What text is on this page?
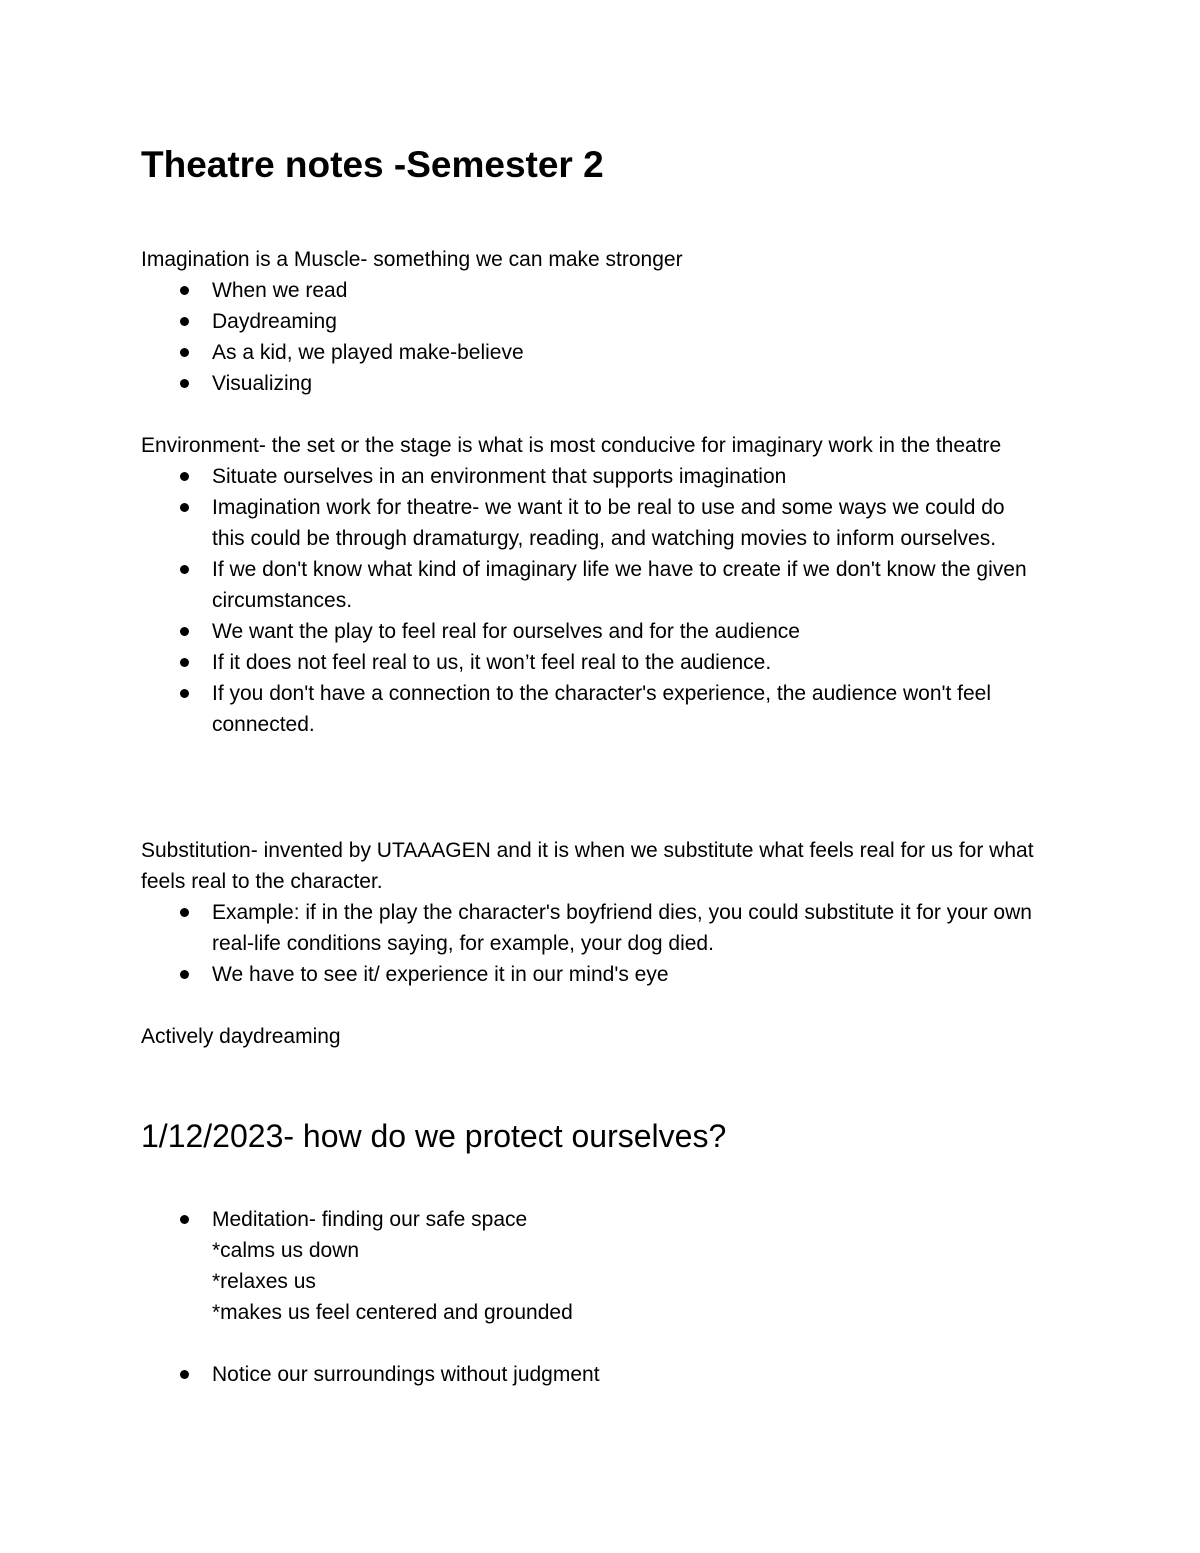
Theatre notes -Semester 2

Imagination is a Muscle- something we can make stronger

When we read
Daydreaming
As a kid, we played make-believe
Visualizing

Environment- the set or the stage is what is most conducive for imaginary work in the theatre

Situate ourselves in an environment that supports imagination
Imagination work for theatre- we want it to be real to use and some ways we could do this could be through dramaturgy, reading, and watching movies to inform ourselves.
If we don't know what kind of imaginary life we have to create if we don't know the given circumstances.
We want the play to feel real for ourselves and for the audience
If it does not feel real to us, it won’t feel real to the audience.
If you don't have a connection to the character's experience, the audience won't feel connected.

Substitution- invented by UTAAAGEN and it is when we substitute what feels real for us for what feels real to the character.

Example: if in the play the character's boyfriend dies, you could substitute it for your own real-life conditions saying, for example, your dog died.
We have to see it/ experience it in our mind's eye

Actively daydreaming

1/12/2023- how do we protect ourselves?
Meditation- finding our safe space
*calms us down
*relaxes us
*makes us feel centered and grounded
Notice our surroundings without judgment
